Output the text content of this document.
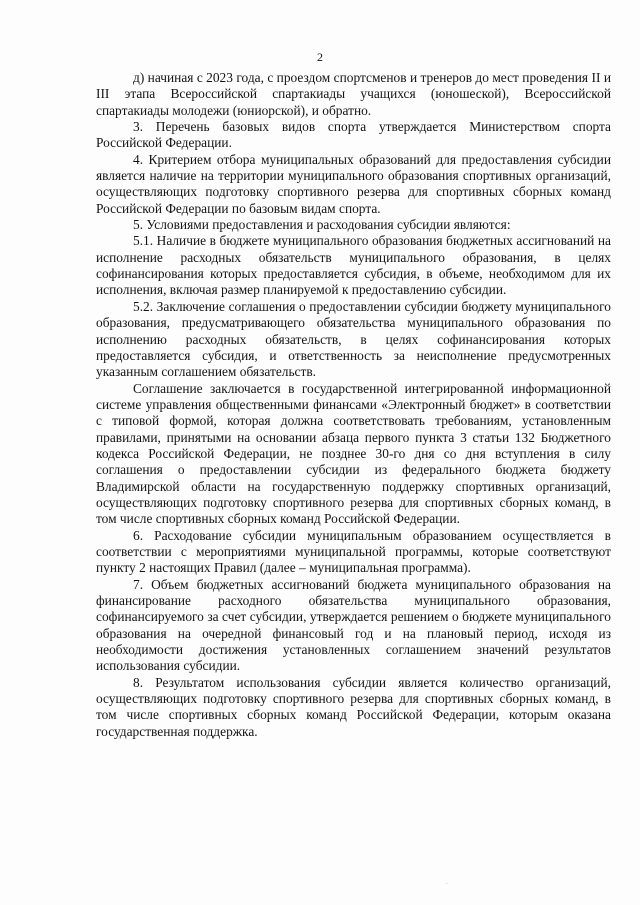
2

д) начиная с 2023 года, с проездом спортсменов и тренеров до мест проведения II и III этапа Всероссийской спартакиады учащихся (юношеской), Всероссийской спартакиады молодежи (юниорской), и обратно.

3. Перечень базовых видов спорта утверждается Министерством спорта Российской Федерации.

4. Критерием отбора муниципальных образований для предоставления субсидии является наличие на территории муниципального образования спортивных организаций, осуществляющих подготовку спортивного резерва для спортивных сборных команд Российской Федерации по базовым видам спорта.

5. Условиями предоставления и расходования субсидии являются:

5.1. Наличие в бюджете муниципального образования бюджетных ассигнований на исполнение расходных обязательств муниципального образования, в целях софинансирования которых предоставляется субсидия, в объеме, необходимом для их исполнения, включая размер планируемой к предоставлению субсидии.

5.2. Заключение соглашения о предоставлении субсидии бюджету муниципального образования, предусматривающего обязательства муниципального образования по исполнению расходных обязательств, в целях софинансирования которых предоставляется субсидия, и ответственность за неисполнение предусмотренных указанным соглашением обязательств.

Соглашение заключается в государственной интегрированной информационной системе управления общественными финансами «Электронный бюджет» в соответствии с типовой формой, которая должна соответствовать требованиям, установленным правилами, принятыми на основании абзаца первого пункта 3 статьи 132 Бюджетного кодекса Российской Федерации, не позднее 30-го дня со дня вступления в силу соглашения о предоставлении субсидии из федерального бюджета бюджету Владимирской области на государственную поддержку спортивных организаций, осуществляющих подготовку спортивного резерва для спортивных сборных команд, в том числе спортивных сборных команд Российской Федерации.

6. Расходование субсидии муниципальным образованием осуществляется в соответствии с мероприятиями муниципальной программы, которые соответствуют пункту 2 настоящих Правил (далее – муниципальная программа).

7. Объем бюджетных ассигнований бюджета муниципального образования на финансирование расходного обязательства муниципального образования, софинансируемого за счет субсидии, утверждается решением о бюджете муниципального образования на очередной финансовый год и на плановый период, исходя из необходимости достижения установленных соглашением значений результатов использования субсидии.

8. Результатом использования субсидии является количество организаций, осуществляющих подготовку спортивного резерва для спортивных сборных команд, в том числе спортивных сборных команд Российской Федерации, которым оказана государственная поддержка.

.
